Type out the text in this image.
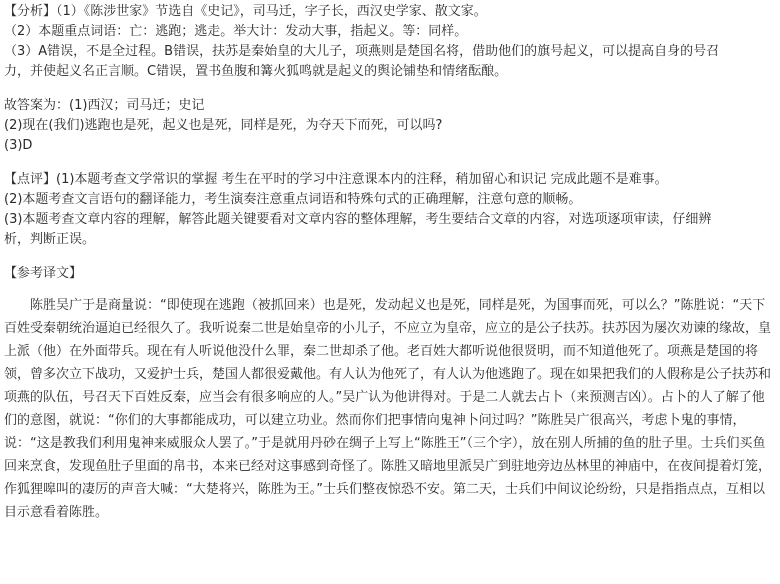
【分析】（1）《陈涉世家》节选自《史记》，司马迁，字子长，西汉史学家、散文家。

（2）本题重点词语：亡：逃跑；逃走。举大计：发动大事，指起义。等：同样。

（3）A错误，不是全过程。B错误，扶苏是秦始皇的大儿子，项燕则是楚国名将，借助他们的旗号起义，可以提高自身的号召

力，并使起义名正言顺。C错误，置书鱼腹和篝火狐鸣就是起义的舆论铺垫和情绪酝酿。

故答案为：(1)西汉；司马迁；史记

(2)现在(我们)逃跑也是死，起义也是死，同样是死，为夺天下而死，可以吗?

(3)D

【点评】(1)本题考查文学常识的掌握 考生在平时的学习中注意课本内的注释，稍加留心和识记 完成此题不是难事。

(2)本题考查文言语句的翻译能力，考生演奏注意重点词语和特殊句式的正确理解，注意句意的顺畅。

(3)本题考查文章内容的理解，解答此题关键要看对文章内容的整体理解，考生要结合文章的内容，对选项逐项审读，仔细辨

析，判断正误。

【参考译文】

陈胜吴广于是商量说：“即使现在逃跑（被抓回来）也是死，发动起义也是死，同样是死，为国事而死，可以么？”陈胜说：“天下百姓受秦朝统治逼迫已经很久了。我听说秦二世是始皇帝的小儿子，不应立为皇帝，应立的是公子扶苏。扶苏因为屡次劝谏的缘故，皇上派（他）在外面带兵。现在有人听说他没什么罪，秦二世却杀了他。老百姓大都听说他很贤明，而不知道他死了。项燕是楚国的将领，曾多次立下战功，又爱护士兵，楚国人都很爱戴他。有人认为他死了，有人认为他逃跑了。现在如果把我们的人假称是公子扶苏和项燕的队伍，号召天下百姓反秦，应当会有很多响应的人。”吴广认为他讲得对。于是二人就去占卜（来预测吉凶）。占卜的人了解了他们的意图，就说：“你们的大事都能成功，可以建立功业。然而你们把事情向鬼神卜问过吗？”陈胜吴广很高兴，考虑卜鬼的事情，说：“这是教我们利用鬼神来威服众人罢了。”于是就用丹砂在绸子上写上“陈胜王”（三个字），放在别人所捕的鱼的肚子里。士兵们买鱼回来烹食，发现鱼肚子里面的帛书，本来已经对这事感到奇怪了。陈胜又暗地里派吴广到驻地旁边丛林里的神庙中，在夜间提着灯笼，作狐狸嗥叫的凄厉的声音大喊：“大楚将兴，陈胜为王。”士兵们整夜惊恐不安。第二天，士兵们中间议论纷纷，只是指指点点，互相以目示意看着陈胜。
